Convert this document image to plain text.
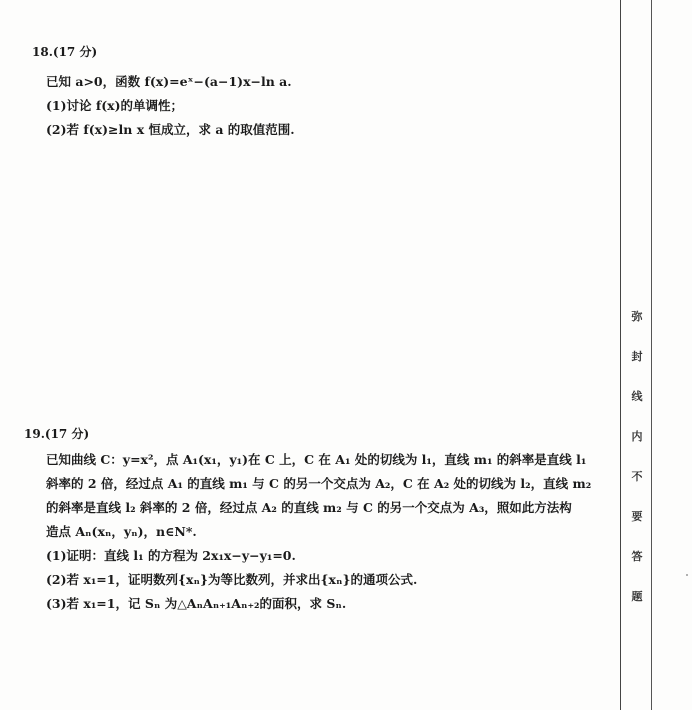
18.(17 分)
已知 a>0，函数 f(x)=eˣ−(a−1)x−ln a.
(1)讨论 f(x)的单调性；
(2)若 f(x)≥ln x 恒成立，求 a 的取值范围.
19.(17 分)
已知曲线 C：y=x²，点 A₁(x₁，y₁)在 C 上，C 在 A₁ 处的切线为 l₁，直线 m₁ 的斜率是直线 l₁
斜率的 2 倍，经过点 A₁ 的直线 m₁ 与 C 的另一个交点为 A₂，C 在 A₂ 处的切线为 l₂，直线 m₂
的斜率是直线 l₂ 斜率的 2 倍，经过点 A₂ 的直线 m₂ 与 C 的另一个交点为 A₃，照如此方法构
造点 Aₙ(xₙ，yₙ)，n∈N*.
(1)证明：直线 l₁ 的方程为 2x₁x−y−y₁=0.
(2)若 x₁=1，证明数列{xₙ}为等比数列，并求出{xₙ}的通项公式.
(3)若 x₁=1，记 Sₙ 为△AₙAₙ₊₁Aₙ₊₂的面积，求 Sₙ.
弥
封
线
内
不
要
答
题
